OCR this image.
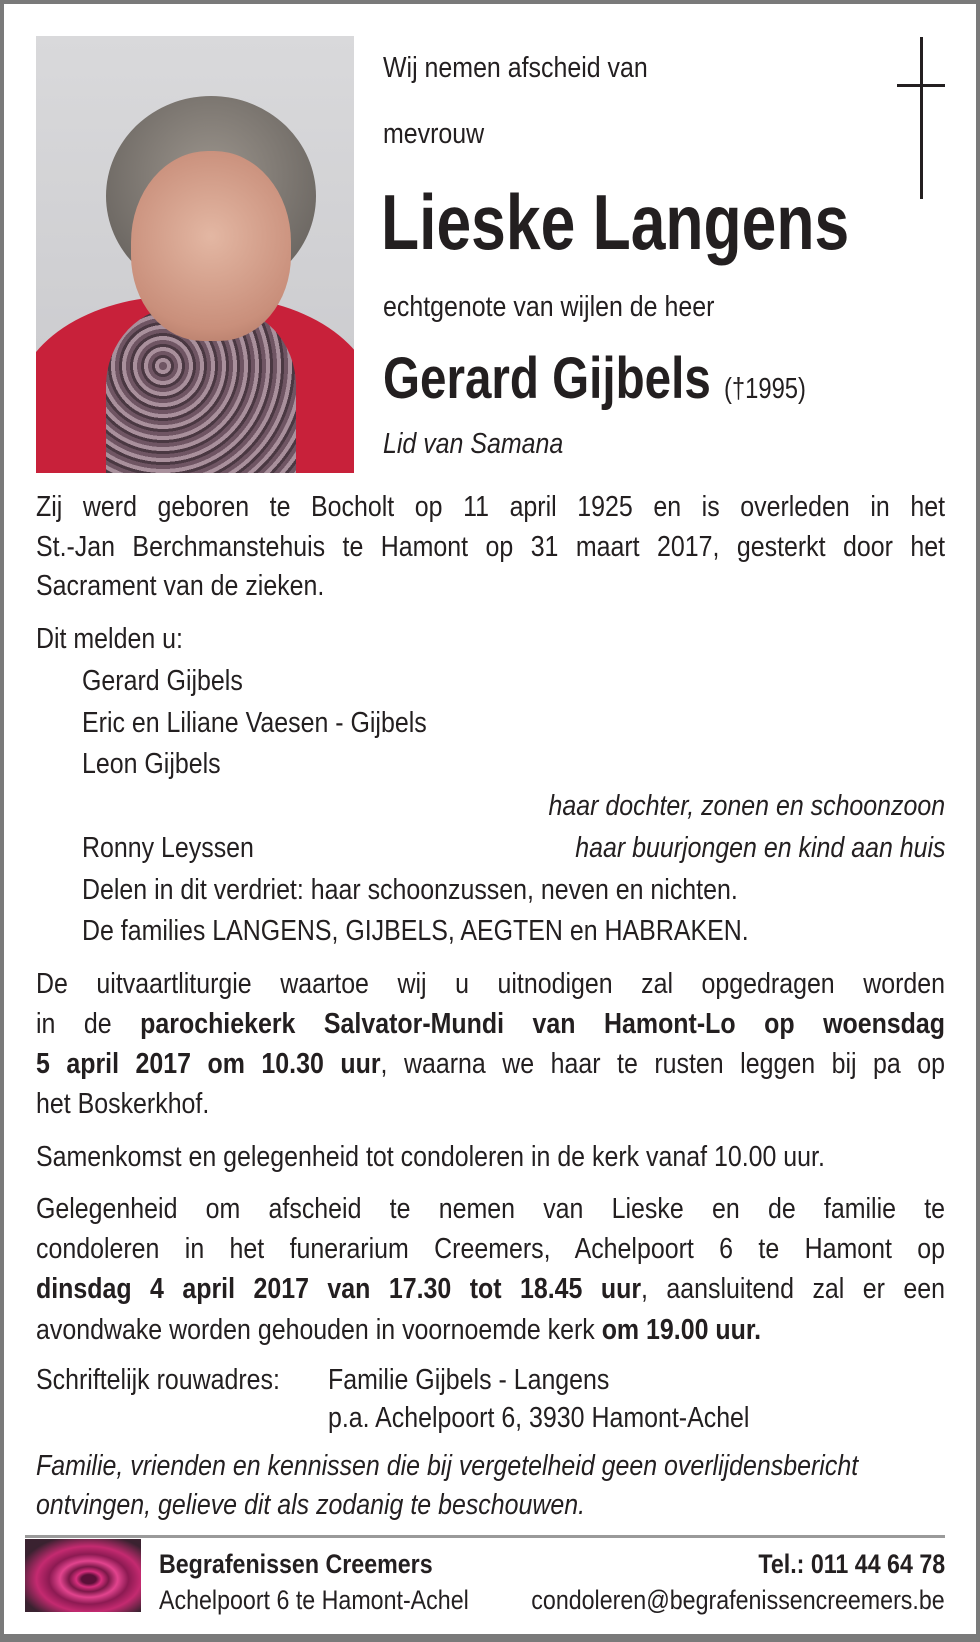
Wij nemen afscheid van
mevrouw
Lieske Langens
echtgenote van wijlen de heer
Gerard Gijbels (†1995)
Lid van Samana
Zij werd geboren te Bocholt op 11 april 1925 en is overleden in het
St.-Jan Berchmanstehuis te Hamont op 31 maart 2017, gesterkt door het
Sacrament van de zieken.
Dit melden u:
Gerard Gijbels
Eric en Liliane Vaesen - Gijbels
Leon Gijbels
haar dochter, zonen en schoonzoon
Ronny Leyssen	haar buurjongen en kind aan huis
Delen in dit verdriet: haar schoonzussen, neven en nichten.
De families LANGENS, GIJBELS, AEGTEN en HABRAKEN.
De uitvaartliturgie waartoe wij u uitnodigen zal opgedragen worden
in de parochiekerk Salvator-Mundi van Hamont-Lo op woensdag
5 april 2017 om 10.30 uur, waarna we haar te rusten leggen bij pa op
het Boskerkhof.
Samenkomst en gelegenheid tot condoleren in de kerk vanaf 10.00 uur.
Gelegenheid om afscheid te nemen van Lieske en de familie te
condoleren in het funerarium Creemers, Achelpoort 6 te Hamont op
dinsdag 4 april 2017 van 17.30 tot 18.45 uur, aansluitend zal er een
avondwake worden gehouden in voornoemde kerk om 19.00 uur.
Schriftelijk rouwadres: Familie Gijbels - Langens
p.a. Achelpoort 6, 3930 Hamont-Achel
Familie, vrienden en kennissen die bij vergetelheid geen overlijdensbericht
ontvingen, gelieve dit als zodanig te beschouwen.
Begrafenissen Creemers
Achelpoort 6 te Hamont-Achel
Tel.: 011 44 64 78
condoleren@begrafenissencreemers.be
